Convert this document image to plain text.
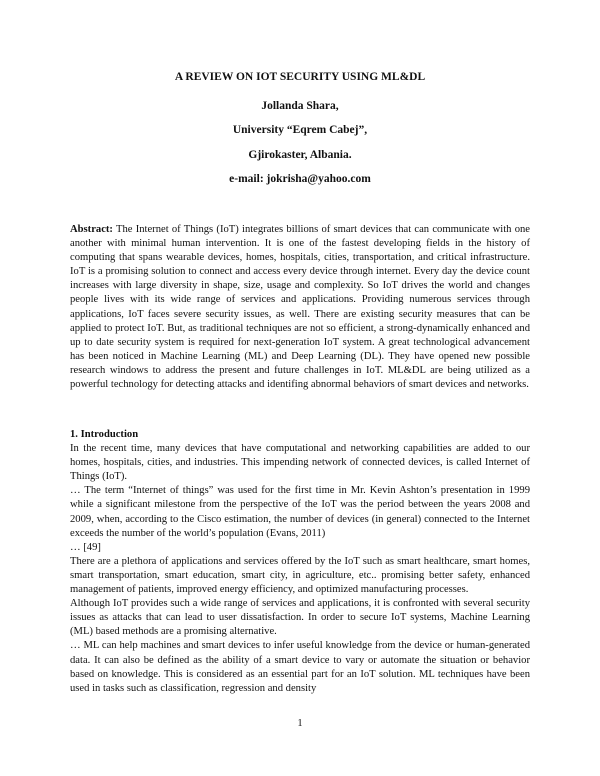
A REVIEW ON IOT SECURITY USING ML&DL
Jollanda Shara,
University “Eqrem Cabej”,
Gjirokaster, Albania.
e-mail: jokrisha@yahoo.com

Abstract: The Internet of Things (IoT) integrates billions of smart devices that can communicate with one another with minimal human intervention. It is one of the fastest developing fields in the history of computing that spans wearable devices, homes, hospitals, cities, transportation, and critical infrastructure. IoT is a promising solution to connect and access every device through internet. Every day the device count increases with large diversity in shape, size, usage and complexity. So IoT drives the world and changes people lives with its wide range of services and applications. Providing numerous services through applications, IoT faces severe security issues, as well. There are existing security measures that can be applied to protect IoT. But, as traditional techniques are not so efficient, a strong-dynamically enhanced and up to date security system is required for next-generation IoT system. A great technological advancement has been noticed in Machine Learning (ML) and Deep Learning (DL). They have opened new possible research windows to address the present and future challenges in IoT. ML&DL are being utilized as a powerful technology for detecting attacks and identifing abnormal behaviors of smart devices and networks.

1. Introduction

In the recent time, many devices that have computational and networking capabilities are added to our homes, hospitals, cities, and industries. This impending network of connected devices, is called Internet of Things (IoT).

… The term “Internet of things” was used for the first time in Mr. Kevin Ashton’s presentation in 1999 while a significant milestone from the perspective of the IoT was the period between the years 2008 and 2009, when, according to the Cisco estimation, the number of devices (in general) connected to the Internet exceeds the number of the world’s population (Evans, 2011)

… [49]

There are a plethora of applications and services offered by the IoT such as smart healthcare, smart homes, smart transportation, smart education, smart city, in agriculture, etc.. promising better safety, enhanced management of patients, improved energy efficiency, and optimized manufacturing processes.

Although IoT provides such a wide range of services and applications, it is confronted with several security issues as attacks that can lead to user dissatisfaction. In order to secure IoT systems, Machine Learning (ML) based methods are a promising alternative.

… ML can help machines and smart devices to infer useful knowledge from the device or human-generated data. It can also be defined as the ability of a smart device to vary or automate the situation or behavior based on knowledge. This is considered as an essential part for an IoT solution. ML techniques have been used in tasks such as classification, regression and density

1
